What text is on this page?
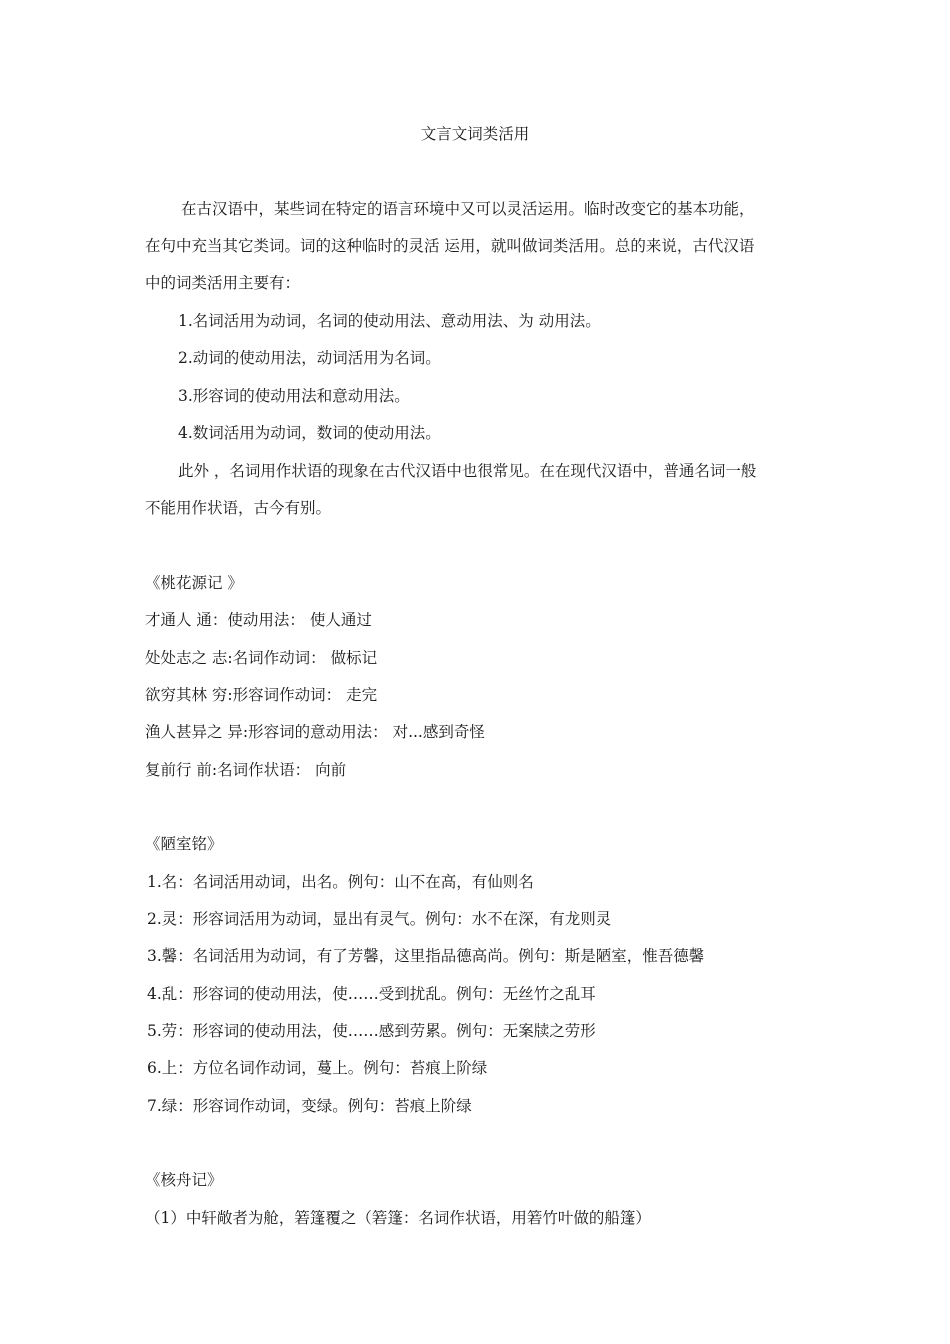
文言文词类活用
在古汉语中，某些词在特定的语言环境中又可以灵活运用。临时改变它的基本功能，
在句中充当其它类词。词的这种临时的灵活 运用，就叫做词类活用。总的来说，古代汉语
中的词类活用主要有：
1.名词活用为动词，名词的使动用法、意动用法、为 动用法。
2.动词的使动用法，动词活用为名词。
3.形容词的使动用法和意动用法。
4.数词活用为动词，数词的使动用法。
此外 ，名词用作状语的现象在古代汉语中也很常见。在在现代汉语中，普通名词一般
不能用作状语，古今有别。
《桃花源记 》
才通人 通：使动用法： 使人通过
处处志之 志:名词作动词： 做标记
欲穷其林 穷:形容词作动词： 走完
渔人甚异之 异:形容词的意动用法： 对...感到奇怪
复前行 前:名词作状语： 向前
《陋室铭》
1.名：名词活用动词，出名。例句：山不在高，有仙则名
2.灵：形容词活用为动词，显出有灵气。例句：水不在深，有龙则灵
3.馨：名词活用为动词，有了芳馨，这里指品德高尚。例句：斯是陋室，惟吾德馨
4.乱：形容词的使动用法，使……受到扰乱。例句：无丝竹之乱耳
5.劳：形容词的使动用法，使……感到劳累。例句：无案牍之劳形
6.上：方位名词作动词，蔓上。例句：苔痕上阶绿
7.绿：形容词作动词，变绿。例句：苔痕上阶绿
《核舟记》
（1）中轩敞者为舱，箬篷覆之（箬篷：名词作状语，用箬竹叶做的船篷）
